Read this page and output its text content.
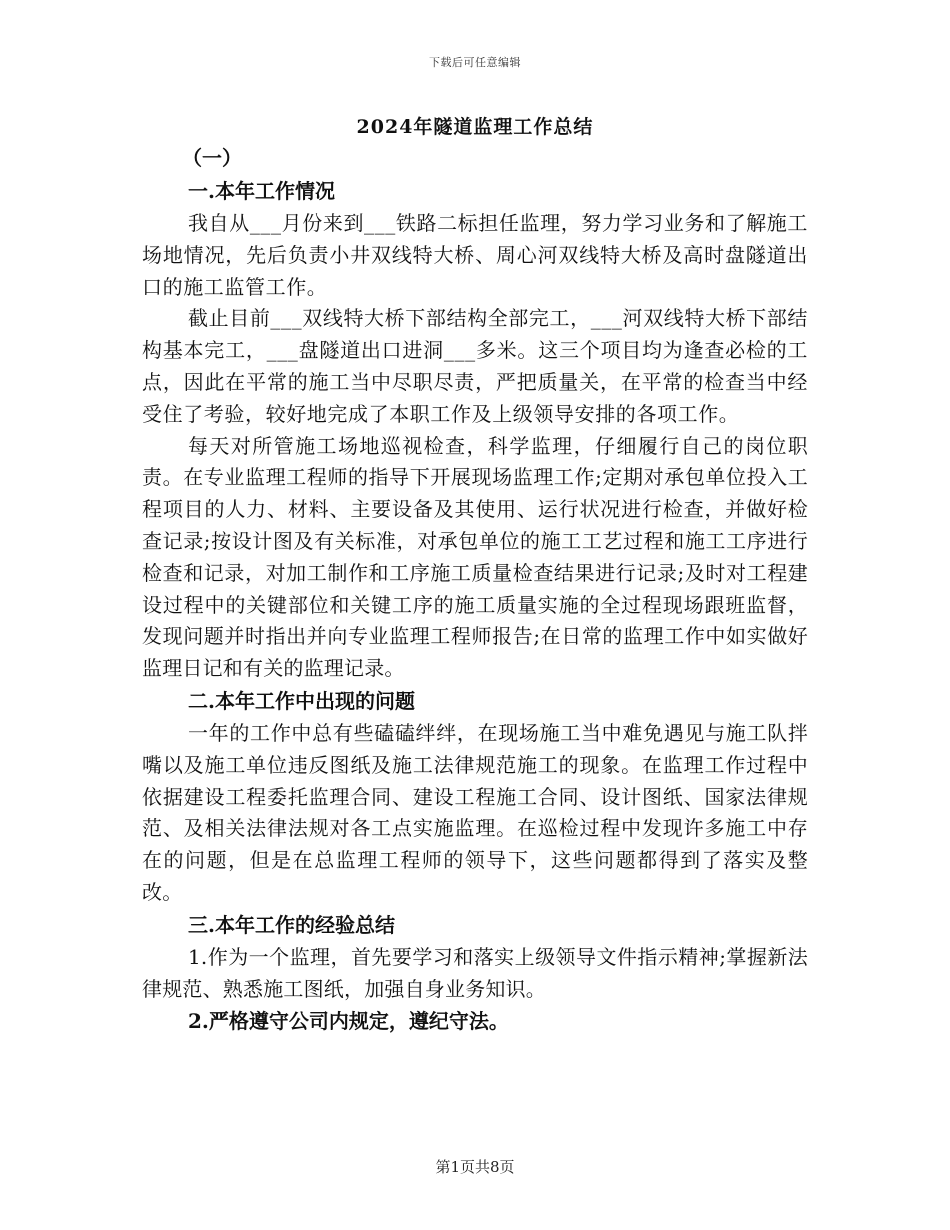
下载后可任意编辑
2024年隧道监理工作总结

（一）

一.本年工作情况

我自从___月份来到___铁路二标担任监理，努力学习业务和了解施工场地情况，先后负责小井双线特大桥、周心河双线特大桥及高时盘隧道出口的施工监管工作。

截止目前___双线特大桥下部结构全部完工，___河双线特大桥下部结构基本完工，___盘隧道出口进洞___多米。这三个项目均为逢查必检的工点，因此在平常的施工当中尽职尽责，严把质量关，在平常的检查当中经受住了考验，较好地完成了本职工作及上级领导安排的各项工作。

每天对所管施工场地巡视检查，科学监理，仔细履行自己的岗位职责。在专业监理工程师的指导下开展现场监理工作;定期对承包单位投入工程项目的人力、材料、主要设备及其使用、运行状况进行检查，并做好检查记录;按设计图及有关标准，对承包单位的施工工艺过程和施工工序进行检查和记录，对加工制作和工序施工质量检查结果进行记录;及时对工程建设过程中的关键部位和关键工序的施工质量实施的全过程现场跟班监督，发现问题并时指出并向专业监理工程师报告;在日常的监理工作中如实做好监理日记和有关的监理记录。

二.本年工作中出现的问题

一年的工作中总有些磕磕绊绊，在现场施工当中难免遇见与施工队拌嘴以及施工单位违反图纸及施工法律规范施工的现象。在监理工作过程中依据建设工程委托监理合同、建设工程施工合同、设计图纸、国家法律规范、及相关法律法规对各工点实施监理。在巡检过程中发现许多施工中存在的问题，但是在总监理工程师的领导下，这些问题都得到了落实及整改。

三.本年工作的经验总结

1.作为一个监理，首先要学习和落实上级领导文件指示精神;掌握新法律规范、熟悉施工图纸，加强自身业务知识。

2.严格遵守公司内规定，遵纪守法。

第1页共8页
